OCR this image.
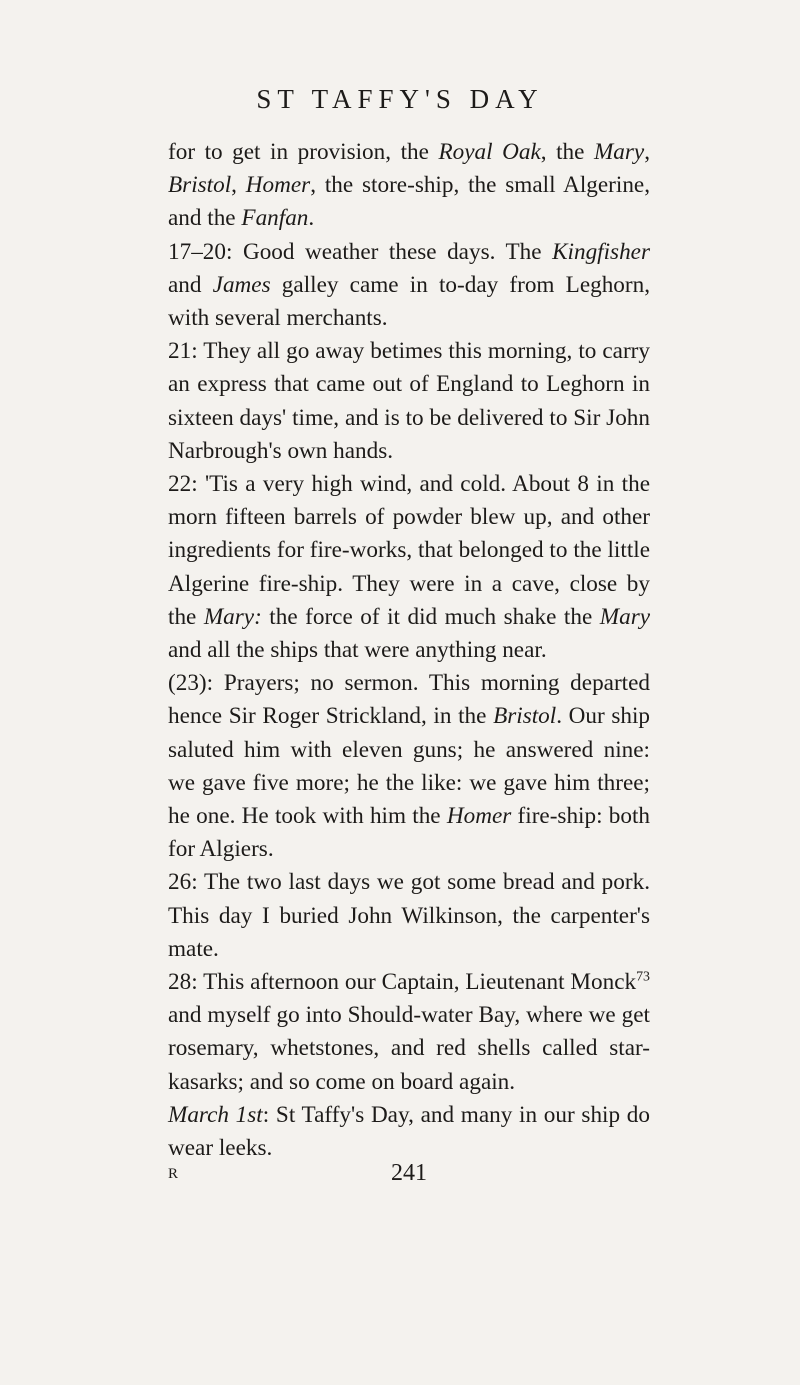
ST TAFFY'S DAY

for to get in provision, the Royal Oak, the Mary, Bristol, Homer, the store-ship, the small Algerine, and the Fanfan.

17–20: Good weather these days. The Kingfisher and James galley came in to-day from Leghorn, with several merchants.

21: They all go away betimes this morning, to carry an express that came out of England to Leghorn in sixteen days' time, and is to be delivered to Sir John Narbrough's own hands.

22: 'Tis a very high wind, and cold. About 8 in the morn fifteen barrels of powder blew up, and other ingredients for fire-works, that belonged to the little Algerine fire-ship. They were in a cave, close by the Mary: the force of it did much shake the Mary and all the ships that were anything near.

(23): Prayers; no sermon. This morning departed hence Sir Roger Strickland, in the Bristol. Our ship saluted him with eleven guns; he answered nine: we gave five more; he the like: we gave him three; he one. He took with him the Homer fire-ship: both for Algiers.

26: The two last days we got some bread and pork. This day I buried John Wilkinson, the carpenter's mate.

28: This afternoon our Captain, Lieutenant Monck$^{73}$ and myself go into Should-water Bay, where we get rosemary, whetstones, and red shells called star-kasarks; and so come on board again.

March 1st: St Taffy's Day, and many in our ship do wear leeks.

R	241
